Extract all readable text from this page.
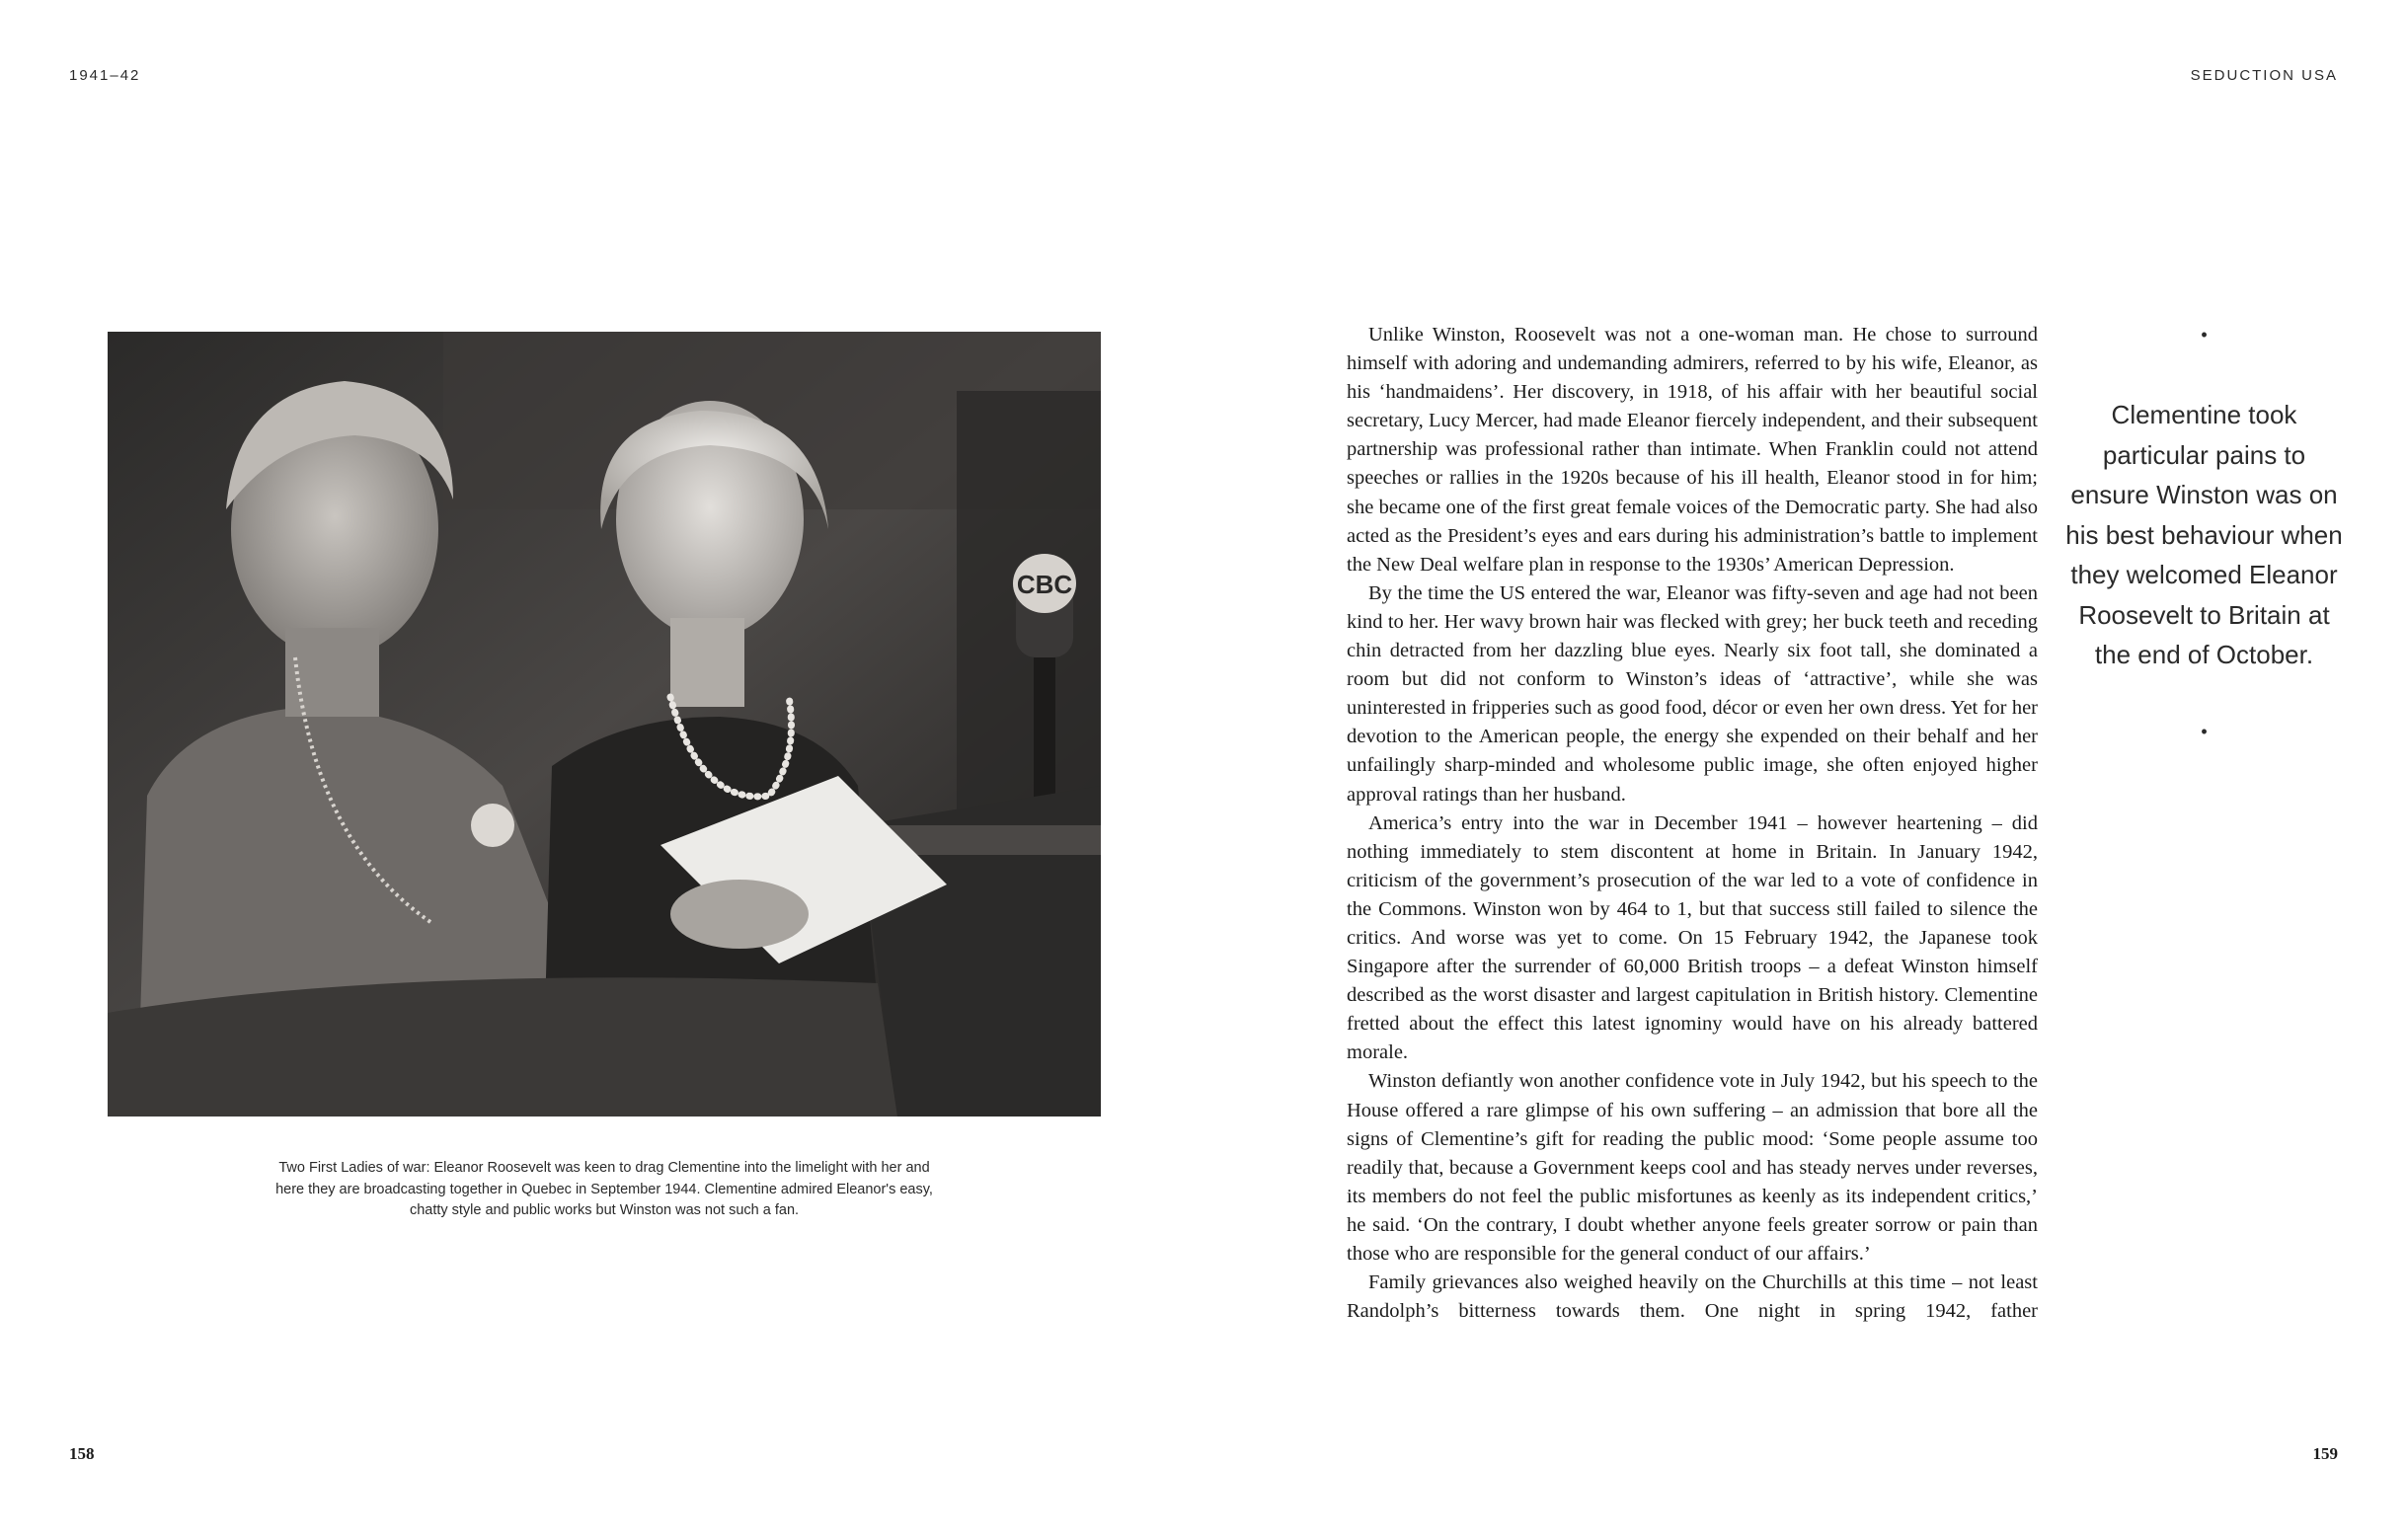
1941–42	SEDUCTION USA
CBC
Two First Ladies of war: Eleanor Roosevelt was keen to drag Clementine into the limelight with her and here they are broadcasting together in Quebec in September 1944. Clementine admired Eleanor's easy, chatty style and public works but Winston was not such a fan.

Unlike Winston, Roosevelt was not a one-woman man. He chose to surround himself with adoring and undemanding admirers, referred to by his wife, Eleanor, as his ‘handmaidens’. Her discovery, in 1918, of his affair with her beautiful social secretary, Lucy Mercer, had made Eleanor fiercely independent, and their subsequent partnership was professional rather than intimate. When Franklin could not attend speeches or rallies in the 1920s because of his ill health, Eleanor stood in for him; she became one of the first great female voices of the Democratic party. She had also acted as the President’s eyes and ears during his administration’s battle to implement the New Deal welfare plan in response to the 1930s’ American Depression.

By the time the US entered the war, Eleanor was fifty-seven and age had not been kind to her. Her wavy brown hair was flecked with grey; her buck teeth and receding chin detracted from her dazzling blue eyes. Nearly six foot tall, she dominated a room but did not conform to Winston’s ideas of ‘attractive’, while she was uninterested in fripperies such as good food, décor or even her own dress. Yet for her devotion to the American people, the energy she expended on their behalf and her unfailingly sharp-minded and wholesome public image, she often enjoyed higher approval ratings than her husband.

America’s entry into the war in December 1941 – however heartening – did nothing immediately to stem discontent at home in Britain. In January 1942, criticism of the government’s prosecution of the war led to a vote of confidence in the Commons. Winston won by 464 to 1, but that success still failed to silence the critics. And worse was yet to come. On 15 February 1942, the Japanese took Singapore after the surrender of 60,000 British troops – a defeat Winston himself described as the worst disaster and largest capitulation in British history. Clementine fretted about the effect this latest ignominy would have on his already battered morale.

Winston defiantly won another confidence vote in July 1942, but his speech to the House offered a rare glimpse of his own suffering – an admission that bore all the signs of Clementine’s gift for reading the public mood: ‘Some people assume too readily that, because a Government keeps cool and has steady nerves under reverses, its members do not feel the public misfortunes as keenly as its independent critics,’ he said. ‘On the contrary, I doubt whether anyone feels greater sorrow or pain than those who are responsible for the general conduct of our affairs.’

Family grievances also weighed heavily on the Churchills at this time – not least Randolph’s bitterness towards them. One night in spring 1942, father

•
Clementine took particular pains to ensure Winston was on his best behaviour when they welcomed Eleanor Roosevelt to Britain at the end of October.
•
158	159
